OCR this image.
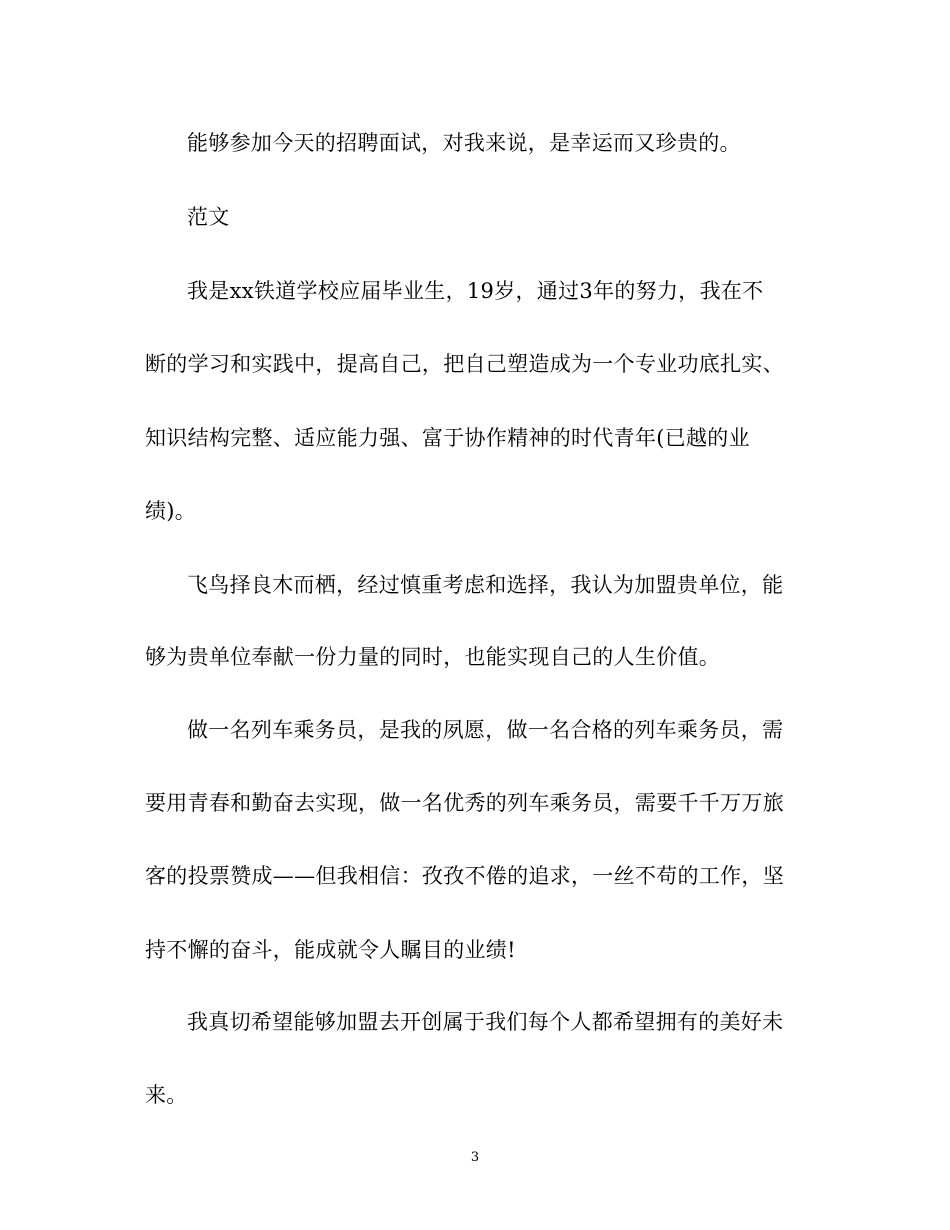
能够参加今天的招聘面试，对我来说，是幸运而又珍贵的。
范文
我是xx铁道学校应届毕业生，19岁，通过3年的努力，我在不
断的学习和实践中，提高自己，把自己塑造成为一个专业功底扎实、
知识结构完整、适应能力强、富于协作精神的时代青年(已越的业
绩)。
飞鸟择良木而栖，经过慎重考虑和选择，我认为加盟贵单位，能
够为贵单位奉献一份力量的同时，也能实现自己的人生价值。
做一名列车乘务员，是我的夙愿，做一名合格的列车乘务员，需
要用青春和勤奋去实现，做一名优秀的列车乘务员，需要千千万万旅
客的投票赞成——但我相信：孜孜不倦的追求，一丝不苟的工作，坚
持不懈的奋斗，能成就令人瞩目的业绩!
我真切希望能够加盟去开创属于我们每个人都希望拥有的美好未
来。
3
